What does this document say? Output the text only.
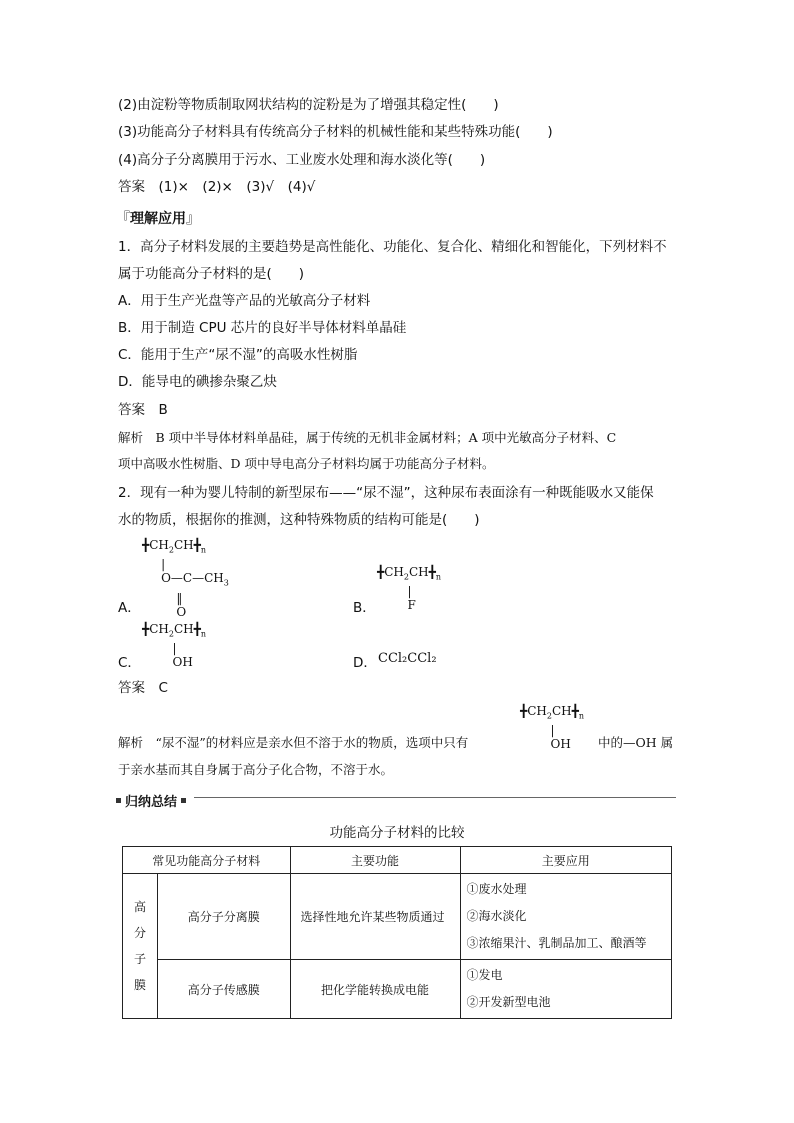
(2)由淀粉等物质制取网状结构的淀粉是为了增强其稳定性(　　)
(3)功能高分子材料具有传统高分子材料的机械性能和某些特殊功能(　　)
(4)高分子分离膜用于污水、工业废水处理和海水淡化等(　　)
答案　(1)×　(2)×　(3)√　(4)√
『理解应用』
1．高分子材料发展的主要趋势是高性能化、功能化、复合化、精细化和智能化，下列材料不
属于功能高分子材料的是(　　)
A．用于生产光盘等产品的光敏高分子材料
B．用于制造 CPU 芯片的良好半导体材料单晶硅
C．能用于生产“尿不湿”的高吸水性树脂
D．能导电的碘掺杂聚乙炔
答案　B
解析　B 项中半导体材料单晶硅，属于传统的无机非金属材料；A 项中光敏高分子材料、C
项中高吸水性树脂、D 项中导电高分子材料均属于功能高分子材料。
2．现有一种为婴儿特制的新型尿布——“尿不湿”，这种尿布表面涂有一种既能吸水又能保
水的物质，根据你的推测，这种特殊物质的结构可能是(　　)
$╋CH_2CH╋_n$
|
$O—C—CH_3$
‖
O
A．
$╋CH_2CH╋_n$
|
F
B．
$╋CH_2CH╋_n$
|
OH
C．	D． CCl₂CCl₂
答案　C
$╋CH_2CH╋_n$
|
OH
解析　“尿不湿”的材料应是亲水但不溶于水的物质，选项中只有	中的—OH 属
于亲水基而其自身属于高分子化合物，不溶于水。
归纳总结
功能高分子材料的比较
常见功能高分子材料		主要功能	主要应用
高分子膜	高分子分离膜	选择性地允许某些物质通过	①废水处理
②海水淡化
③浓缩果汁、乳制品加工、酿酒等

	高分子传感膜	把化学能转换成电能	①发电
②开发新型电池
